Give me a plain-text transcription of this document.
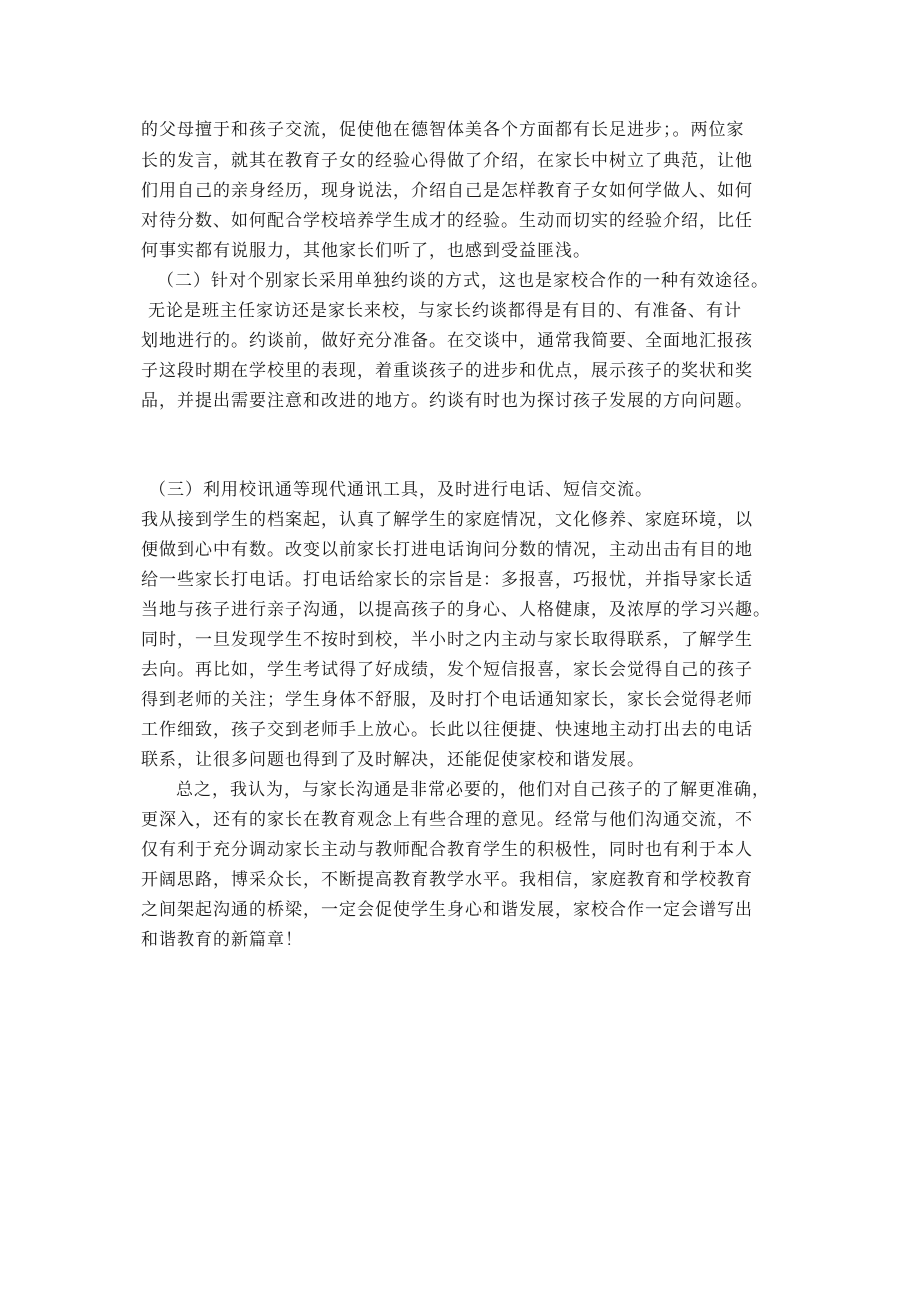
的父母擅于和孩子交流，促使他在德智体美各个方面都有长足进步；。两位家
长的发言，就其在教育子女的经验心得做了介绍，在家长中树立了典范，让他
们用自己的亲身经历，现身说法，介绍自己是怎样教育子女如何学做人、如何
对待分数、如何配合学校培养学生成才的经验。生动而切实的经验介绍，比任
何事实都有说服力，其他家长们听了，也感到受益匪浅。
（二）针对个别家长采用单独约谈的方式，这也是家校合作的一种有效途径。
无论是班主任家访还是家长来校，与家长约谈都得是有目的、有准备、有计
划地进行的。约谈前，做好充分准备。在交谈中，通常我简要、全面地汇报孩
子这段时期在学校里的表现，着重谈孩子的进步和优点，展示孩子的奖状和奖
品，并提出需要注意和改进的地方。约谈有时也为探讨孩子发展的方向问题。
（三）利用校讯通等现代通讯工具，及时进行电话、短信交流。
我从接到学生的档案起，认真了解学生的家庭情况，文化修养、家庭环境，以
便做到心中有数。改变以前家长打进电话询问分数的情况，主动出击有目的地
给一些家长打电话。打电话给家长的宗旨是：多报喜，巧报忧，并指导家长适
当地与孩子进行亲子沟通，以提高孩子的身心、人格健康，及浓厚的学习兴趣。
同时，一旦发现学生不按时到校，半小时之内主动与家长取得联系，了解学生
去向。再比如，学生考试得了好成绩，发个短信报喜，家长会觉得自己的孩子
得到老师的关注；学生身体不舒服，及时打个电话通知家长，家长会觉得老师
工作细致，孩子交到老师手上放心。长此以往便捷、快速地主动打出去的电话
联系，让很多问题也得到了及时解决，还能促使家校和谐发展。
总之，我认为，与家长沟通是非常必要的，他们对自己孩子的了解更准确，
更深入，还有的家长在教育观念上有些合理的意见。经常与他们沟通交流，不
仅有利于充分调动家长主动与教师配合教育学生的积极性，同时也有利于本人
开阔思路，博采众长，不断提高教育教学水平。我相信，家庭教育和学校教育
之间架起沟通的桥梁，一定会促使学生身心和谐发展，家校合作一定会谱写出
和谐教育的新篇章！
